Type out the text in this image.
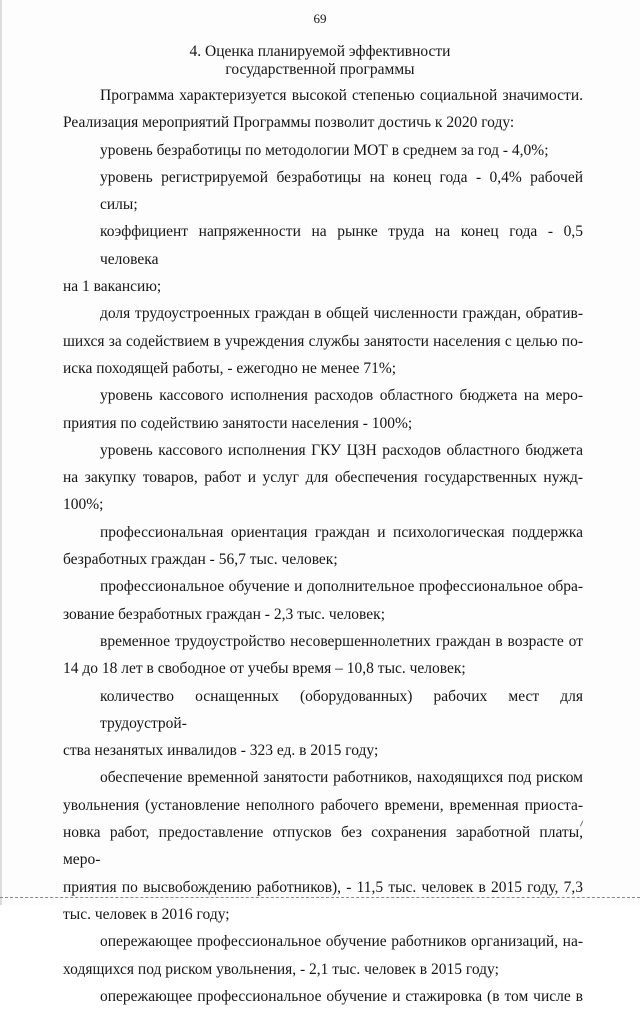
69
4. Оценка планируемой эффективности
государственной программы

Программа характеризуется высокой степенью социальной значимости.

Реализация мероприятий Программы позволит достичь к 2020 году:

уровень безработицы по методологии МОТ в среднем за год - 4,0%;

уровень регистрируемой безработицы на конец года - 0,4% рабочей силы;

коэффициент напряженности на рынке труда на конец года - 0,5 человека

на 1 вакансию;

доля трудоустроенных граждан в общей численности граждан, обратив-
шихся за содействием в учреждения службы занятости населения с целью по-

иска походящей работы, - ежегодно не менее 71%;

уровень кассового исполнения расходов областного бюджета на меро-

приятия по содействию занятости населения - 100%;

уровень кассового исполнения ГКУ ЦЗН расходов областного бюджета
на закупку товаров, работ и услуг для обеспечения государственных нужд-

100%;

профессиональная ориентация граждан и психологическая поддержка

безработных граждан - 56,7 тыс. человек;

профессиональное обучение и дополнительное профессиональное обра-

зование безработных граждан - 2,3 тыс. человек;

временное трудоустройство несовершеннолетних граждан в возрасте от

14 до 18 лет в свободное от учебы время – 10,8 тыс. человек;

количество оснащенных (оборудованных) рабочих мест для трудоустрой-

ства незанятых инвалидов - 323 ед. в 2015 году;

обеспечение временной занятости работников, находящихся под риском
увольнения (установление неполного рабочего времени, временная приоста-
новка работ, предоставление отпусков без сохранения заработной платы, меро-
приятия по высвобождению работников), - 11,5 тыс. человек в 2015 году, 7,3

тыс. человек в 2016 году;

опережающее профессиональное обучение работников организаций, на-

ходящихся под риском увольнения, - 2,1 тыс. человек в 2015 году;

опережающее профессиональное обучение и стажировка (в том числе в
